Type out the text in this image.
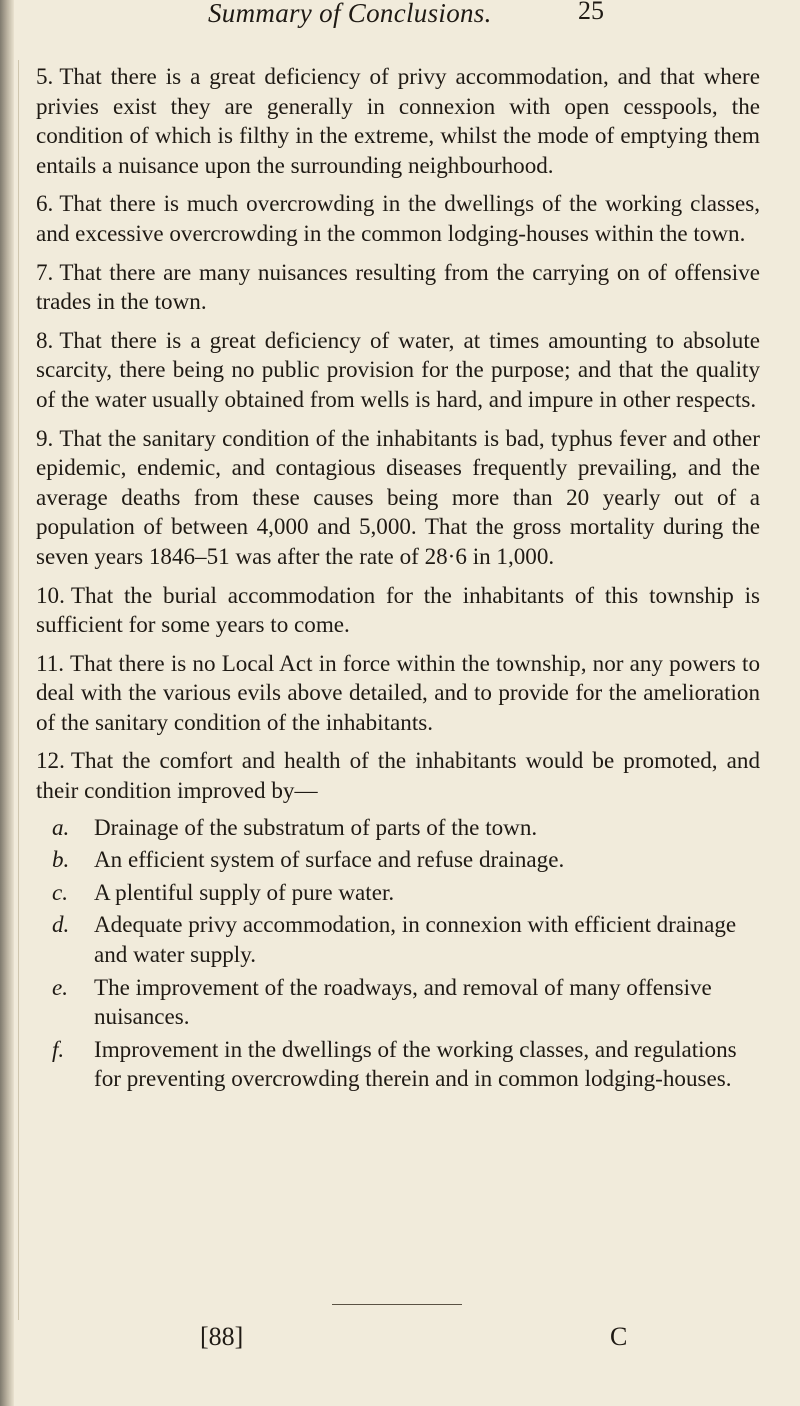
Summary of Conclusions.	25

5. That there is a great deficiency of privy accommodation, and that where privies exist they are generally in connexion with open cesspools, the condition of which is filthy in the extreme, whilst the mode of emptying them entails a nuisance upon the surrounding neighbourhood.

6. That there is much overcrowding in the dwellings of the working classes, and excessive overcrowding in the common lodging-houses within the town.

7. That there are many nuisances resulting from the carrying on of offensive trades in the town.

8. That there is a great deficiency of water, at times amounting to absolute scarcity, there being no public provision for the purpose; and that the quality of the water usually obtained from wells is hard, and impure in other respects.

9. That the sanitary condition of the inhabitants is bad, typhus fever and other epidemic, endemic, and contagious diseases frequently prevailing, and the average deaths from these causes being more than 20 yearly out of a population of between 4,000 and 5,000. That the gross mortality during the seven years 1846–51 was after the rate of 28·6 in 1,000.

10. That the burial accommodation for the inhabitants of this township is sufficient for some years to come.

11. That there is no Local Act in force within the township, nor any powers to deal with the various evils above detailed, and to provide for the amelioration of the sanitary condition of the inhabitants.

12. That the comfort and health of the inhabitants would be promoted, and their condition improved by—

a. Drainage of the substratum of parts of the town.
b. An efficient system of surface and refuse drainage.
c. A plentiful supply of pure water.
d. Adequate privy accommodation, in connexion with efficient drainage and water supply.
e. The improvement of the roadways, and removal of many offensive nuisances.
f. Improvement in the dwellings of the working classes, and regulations for preventing overcrowding therein and in common lodging-houses.
[88]	C
